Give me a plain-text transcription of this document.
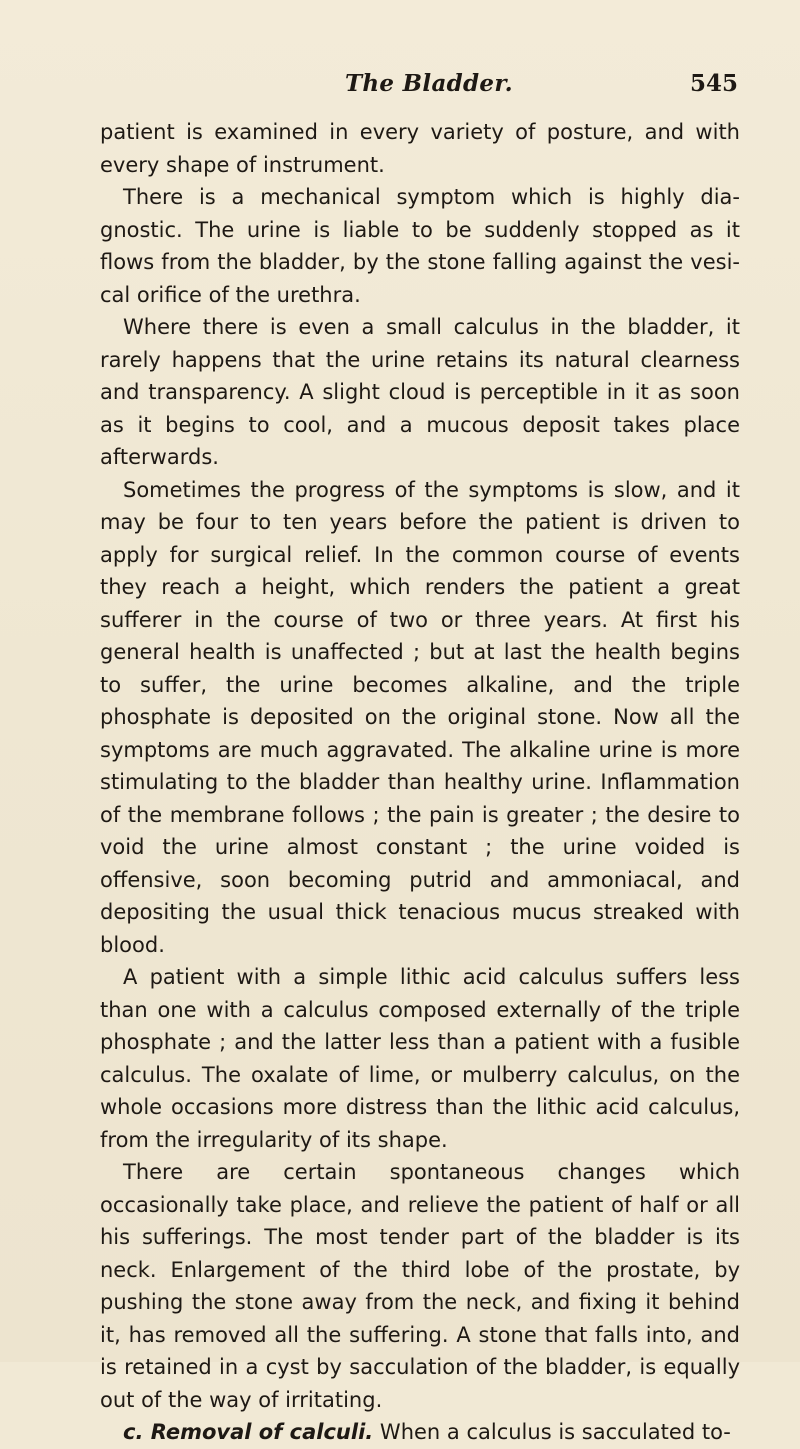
The Bladder.	545

patient is examined in every variety of posture, and with every shape of instrument.

There is a mechanical symptom which is highly diagnostic. The urine is liable to be suddenly stopped as it flows from the bladder, by the stone falling against the vesical orifice of the urethra.

Where there is even a small calculus in the bladder, it rarely happens that the urine retains its natural clearness and transparency. A slight cloud is perceptible in it as soon as it begins to cool, and a mucous deposit takes place afterwards.

Sometimes the progress of the symptoms is slow, and it may be four to ten years before the patient is driven to apply for surgical relief. In the common course of events they reach a height, which renders the patient a great sufferer in the course of two or three years. At first his general health is unaffected ; but at last the health begins to suffer, the urine becomes alkaline, and the triple phosphate is deposited on the original stone. Now all the symptoms are much aggravated. The alkaline urine is more stimulating to the bladder than healthy urine. Inflammation of the membrane follows ; the pain is greater ; the desire to void the urine almost constant ; the urine voided is offensive, soon becoming putrid and ammoniacal, and depositing the usual thick tenacious mucus streaked with blood.

A patient with a simple lithic acid calculus suffers less than one with a calculus composed externally of the triple phosphate ; and the latter less than a patient with a fusible calculus. The oxalate of lime, or mulberry calculus, on the whole occasions more distress than the lithic acid calculus, from the irregularity of its shape.

There are certain spontaneous changes which occasionally take place, and relieve the patient of half or all his sufferings. The most tender part of the bladder is its neck. Enlargement of the third lobe of the prostate, by pushing the stone away from the neck, and fixing it behind it, has removed all the suffering. A stone that falls into, and is retained in a cyst by sacculation of the bladder, is equally out of the way of irritating.

c. Removal of calculi. When a calculus is sacculated to-
